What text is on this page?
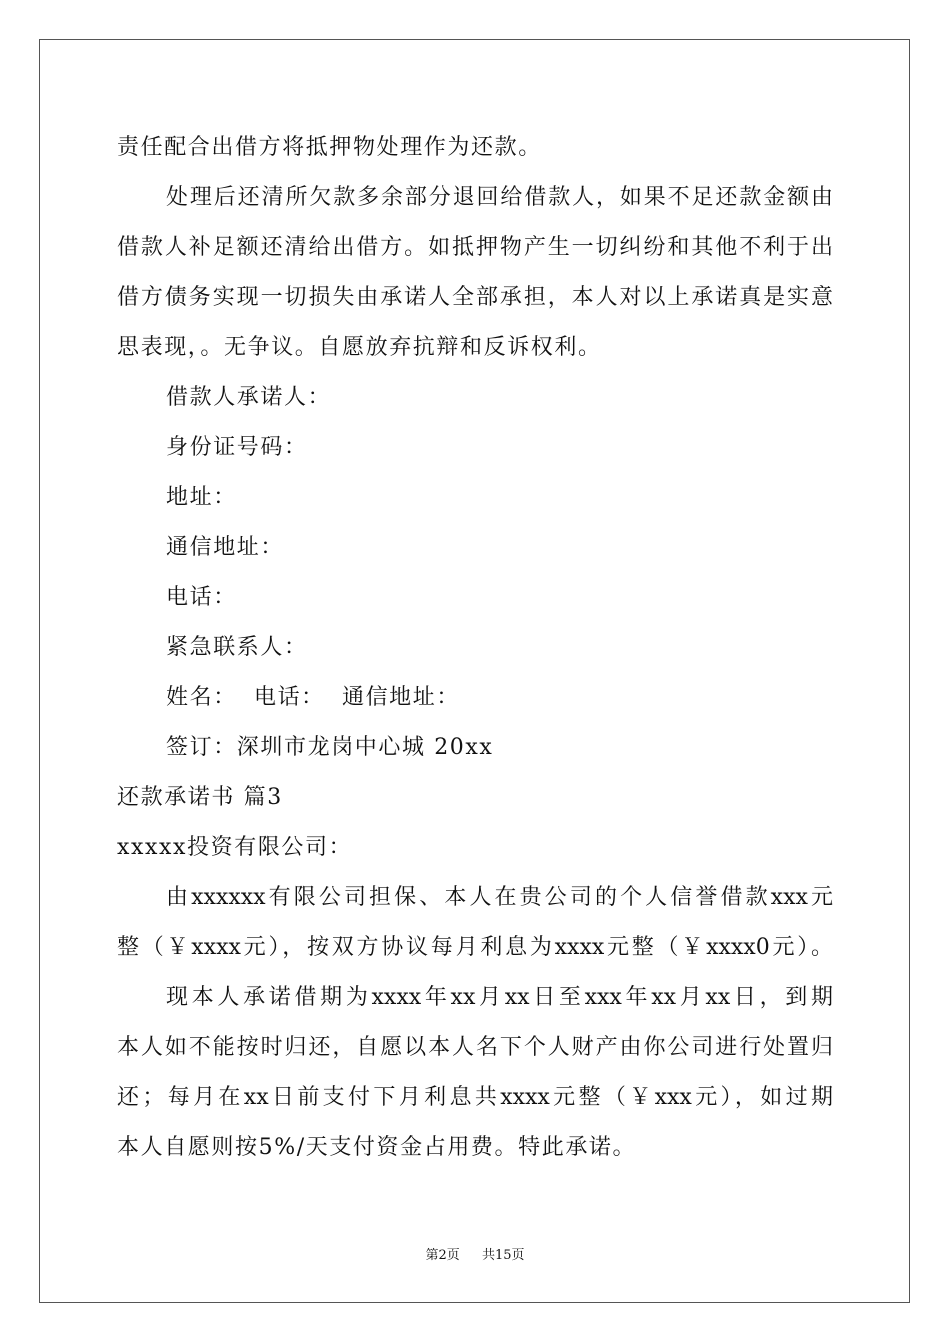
责任配合出借方将抵押物处理作为还款。
处理后还清所欠款多余部分退回给借款人，如果不足还款金额由
借款人补足额还清给出借方。如抵押物产生一切纠纷和其他不利于出
借方债务实现一切损失由承诺人全部承担，本人对以上承诺真是实意
思表现，。无争议。自愿放弃抗辩和反诉权利。
借款人承诺人：
身份证号码：
地址：
通信地址：
电话：
紧急联系人：
姓名：  电话：  通信地址：
签订：深圳市龙岗中心城 20xx
还款承诺书 篇3
xxxxx投资有限公司：
由xxxxxx有限公司担保、本人在贵公司的个人信誉借款xxx元
整（￥xxxx元），按双方协议每月利息为xxxx元整（￥xxxx0元）。
现本人承诺借期为xxxx年xx月xx日至xxx年xx月xx日，到期
本人如不能按时归还，自愿以本人名下个人财产由你公司进行处置归
还；每月在xx日前支付下月利息共xxxx元整（￥xxx元），如过期
本人自愿则按5%/天支付资金占用费。特此承诺。
第2页 共15页
